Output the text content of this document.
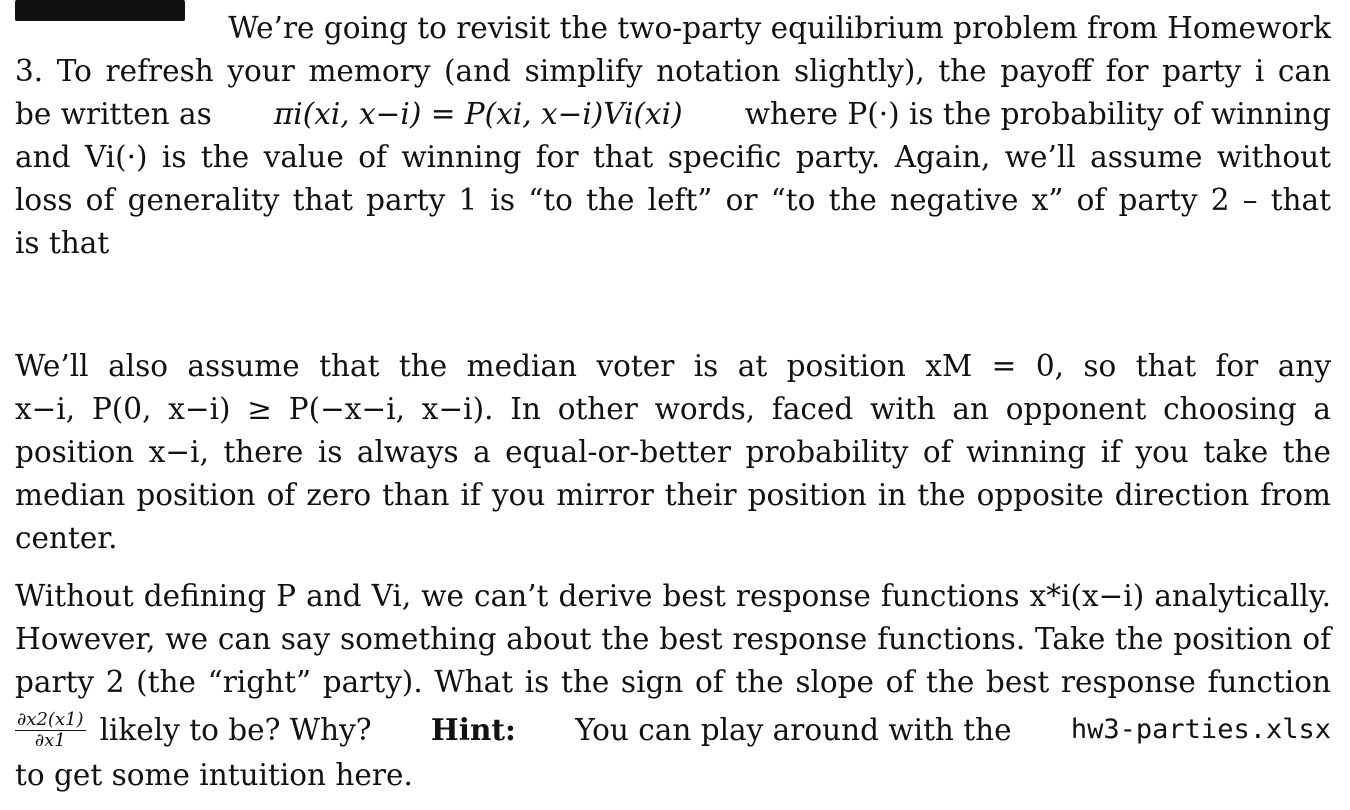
We’re going to revisit the two-party equilibrium problem from Homework
3. To refresh your memory (and simplify notation slightly), the payoff for party i can
be written as πi(xi, x−i) = P(xi, x−i)Vi(xi) where P(·) is the probability of winning
and Vi(·) is the value of winning for that specific party. Again, we’ll assume without
loss of generality that party 1 is “to the left” or “to the negative x” of party 2 – that
is that
We’ll also assume that the median voter is at position xM = 0, so that for any
x−i, P(0, x−i) ≥ P(−x−i, x−i). In other words, faced with an opponent choosing a
position x−i, there is always a equal-or-better probability of winning if you take the
median position of zero than if you mirror their position in the opposite direction from
center.
Without defining P and Vi, we can’t derive best response functions x*i(x−i) analytically.
However, we can say something about the best response functions. Take the position of
party 2 (the “right” party). What is the sign of the slope of the best response function
$\frac{\partial x2(x1)}{\partial x1}$ likely to be? Why? Hint: You can play around with the hw3-parties.xlsx
to get some intuition here.
